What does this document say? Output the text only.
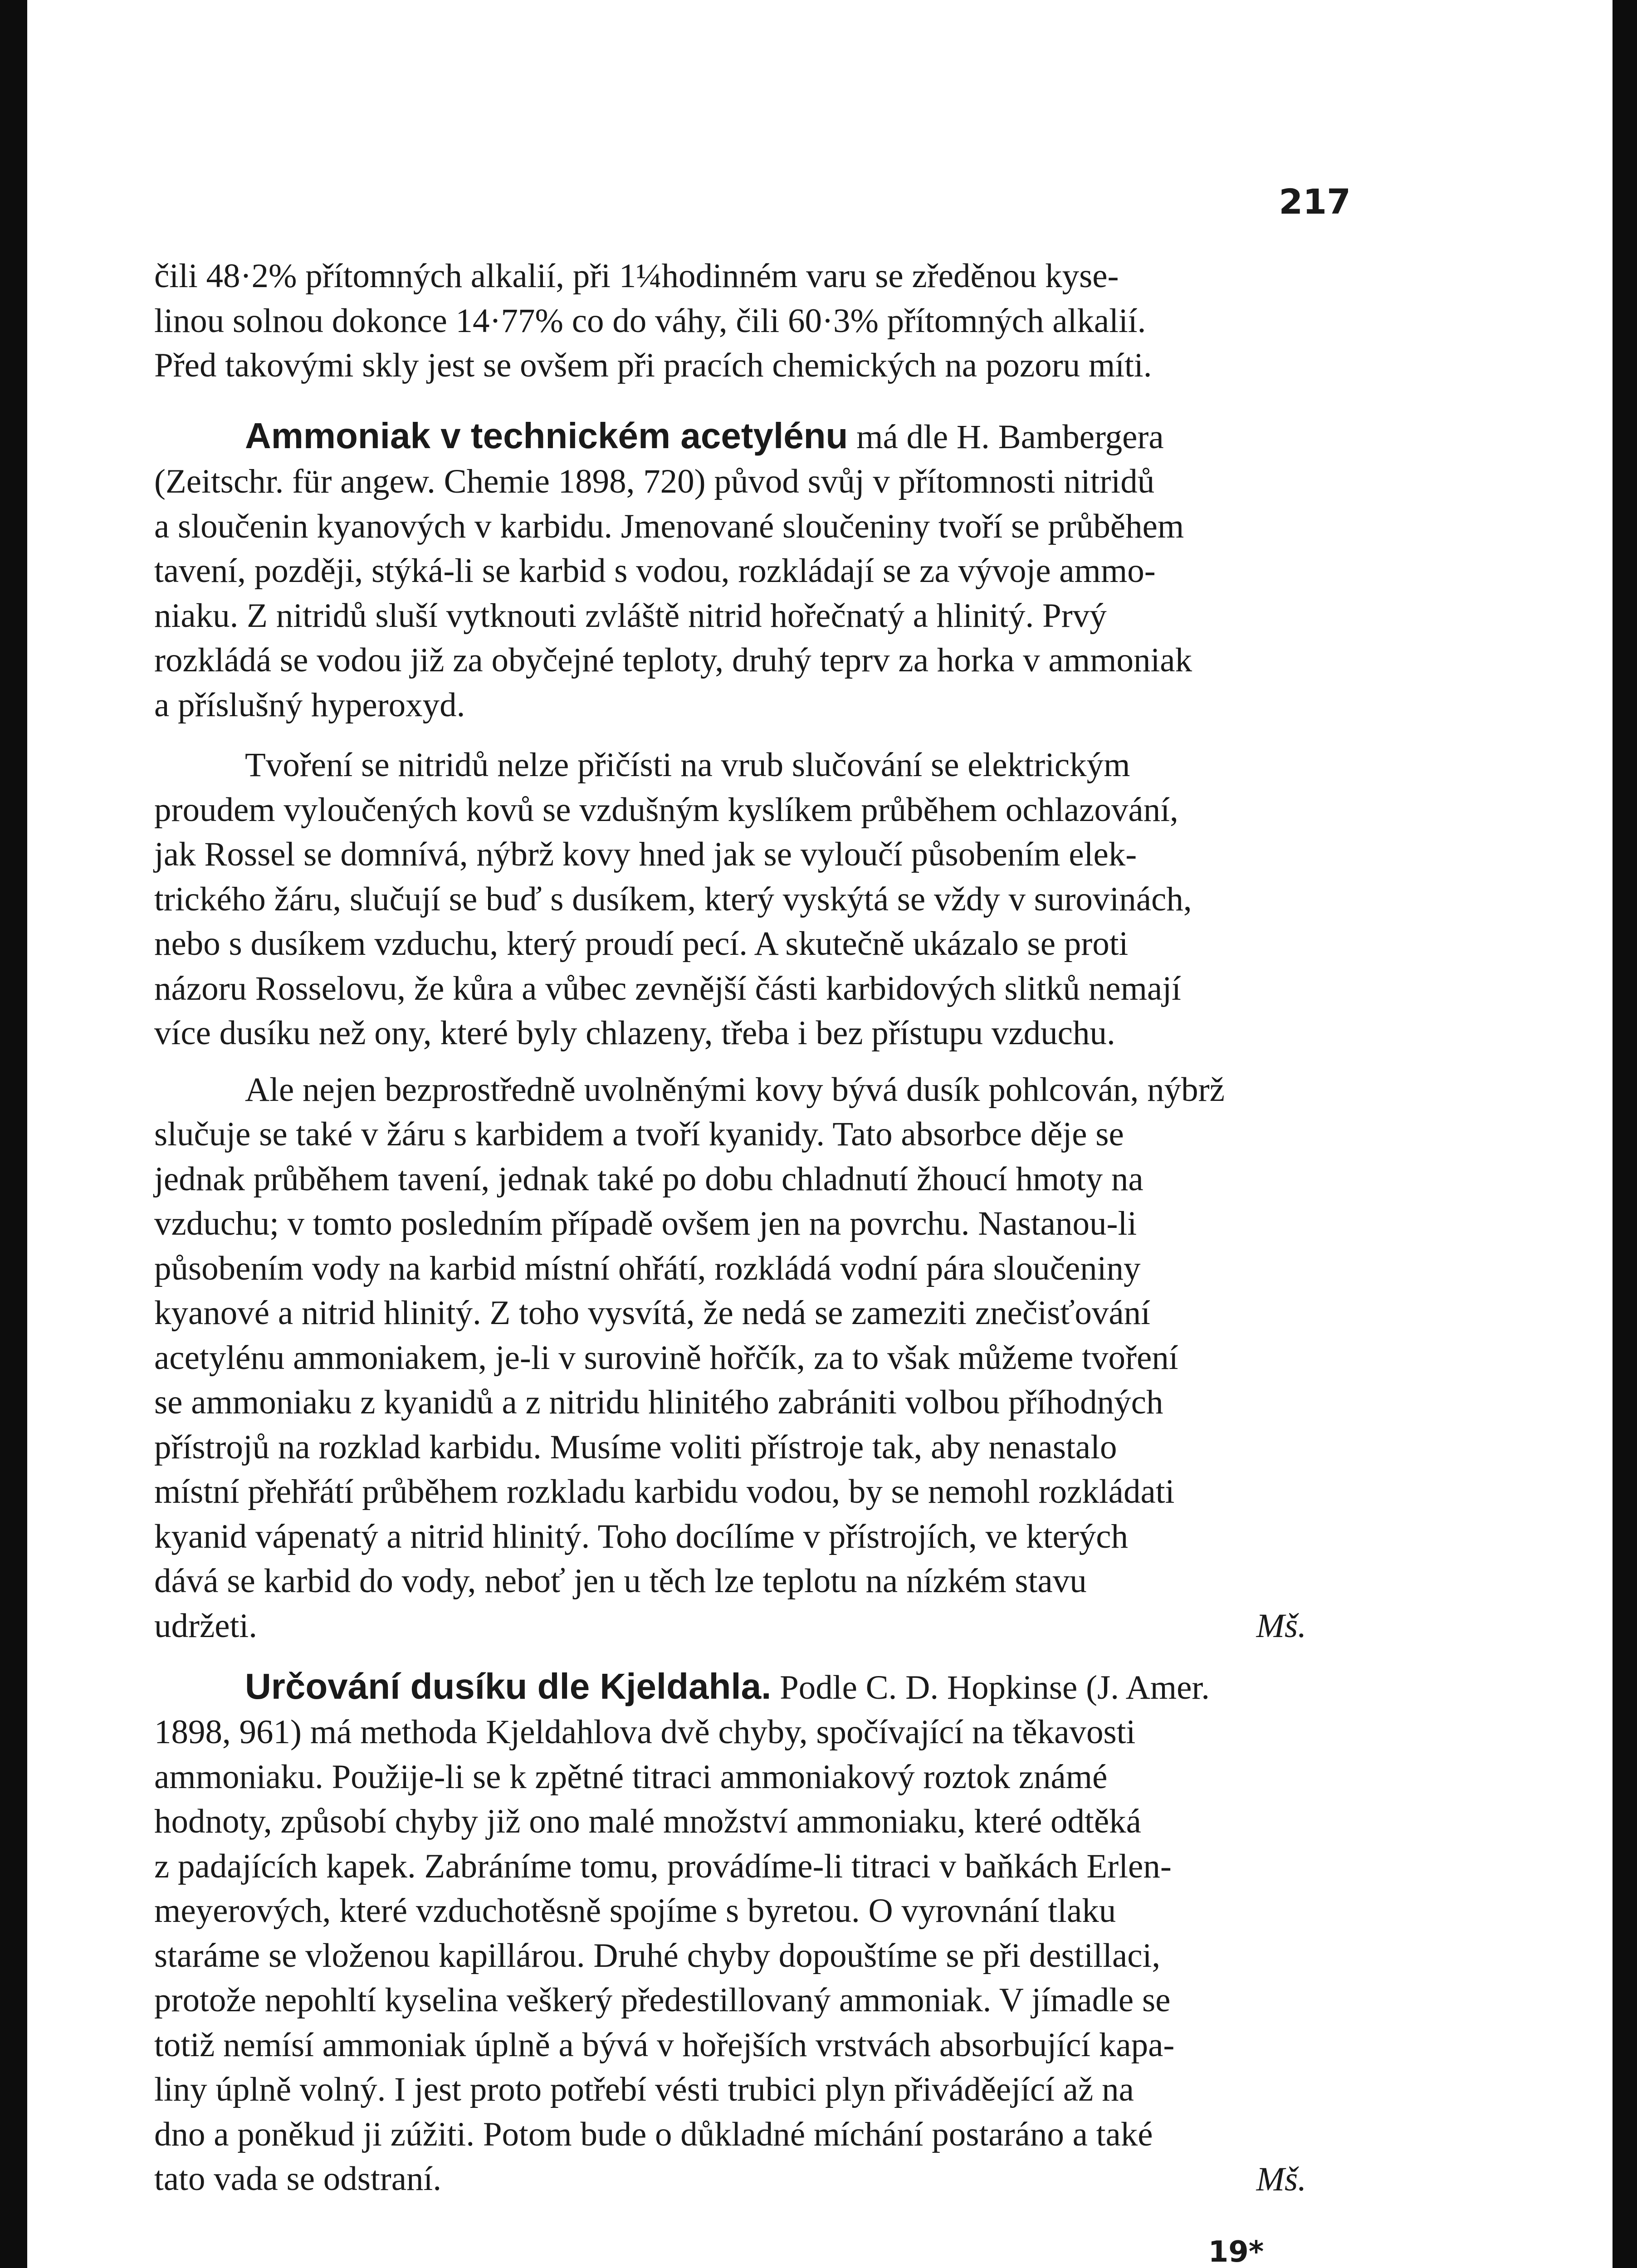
217

čili 48·2% přítomných alkalií, při 1¼hodinném varu se zředěnou kyse-
linou solnou dokonce 14·77% co do váhy, čili 60·3% přítomných alkalií.
Před takovými skly jest se ovšem při pracích chemických na pozoru míti.

Ammoniak v technickém acetylénu má dle H. Bambergera
(Zeitschr. für angew. Chemie 1898, 720) původ svůj v přítomnosti nitridů
a sloučenin kyanových v karbidu. Jmenované sloučeniny tvoří se průběhem
tavení, později, stýká-li se karbid s vodou, rozkládají se za vývoje ammo-
niaku. Z nitridů sluší vytknouti zvláště nitrid hořečnatý a hlinitý. Prvý
rozkládá se vodou již za obyčejné teploty, druhý teprv za horka v ammoniak
a příslušný hyperoxyd.

Tvoření se nitridů nelze přičísti na vrub slučování se elektrickým
proudem vyloučených kovů se vzdušným kyslíkem průběhem ochlazování,
jak Rossel se domnívá, nýbrž kovy hned jak se vyloučí působením elek-
trického žáru, slučují se buď s dusíkem, který vyskýtá se vždy v surovinách,
nebo s dusíkem vzduchu, který proudí pecí. A skutečně ukázalo se proti
názoru Rosselovu, že kůra a vůbec zevnější části karbidových slitků nemají
více dusíku než ony, které byly chlazeny, třeba i bez přístupu vzduchu.

Ale nejen bezprostředně uvolněnými kovy bývá dusík pohlcován, nýbrž
slučuje se také v žáru s karbidem a tvoří kyanidy. Tato absorbce děje se
jednak průběhem tavení, jednak také po dobu chladnutí žhoucí hmoty na
vzduchu; v tomto posledním případě ovšem jen na povrchu. Nastanou-li
působením vody na karbid místní ohřátí, rozkládá vodní pára sloučeniny
kyanové a nitrid hlinitý. Z toho vysvítá, že nedá se zameziti znečisťování
acetylénu ammoniakem, je-li v surovině hořčík, za to však můžeme tvoření
se ammoniaku z kyanidů a z nitridu hlinitého zabrániti volbou příhodných
přístrojů na rozklad karbidu. Musíme voliti přístroje tak, aby nenastalo
místní přehřátí průběhem rozkladu karbidu vodou, by se nemohl rozkládati
kyanid vápenatý a nitrid hlinitý. Toho docílíme v přístrojích, ve kterých
dává se karbid do vody, neboť jen u těch lze teplotu na nízkém stavu
udržeti.	Mš.

Určování dusíku dle Kjeldahla. Podle C. D. Hopkinse (J. Amer.
1898, 961) má methoda Kjeldahlova dvě chyby, spočívající na těkavosti
ammoniaku. Použije-li se k zpětné titraci ammoniakový roztok známé
hodnoty, způsobí chyby již ono malé množství ammoniaku, které odtěká
z padajících kapek. Zabráníme tomu, provádíme-li titraci v baňkách Erlen-
meyerových, které vzduchotěsně spojíme s byretou. O vyrovnání tlaku
staráme se vloženou kapillárou. Druhé chyby dopouštíme se při destillaci,
protože nepohltí kyselina veškerý předestillovaný ammoniak. V jímadle se
totiž nemísí ammoniak úplně a bývá v hořejších vrstvách absorbující kapa-
liny úplně volný. I jest proto potřebí vésti trubici plyn přiváděející až na
dno a poněkud ji zúžiti. Potom bude o důkladné míchání postaráno a také
tato vada se odstraní.	Mš.

19*
